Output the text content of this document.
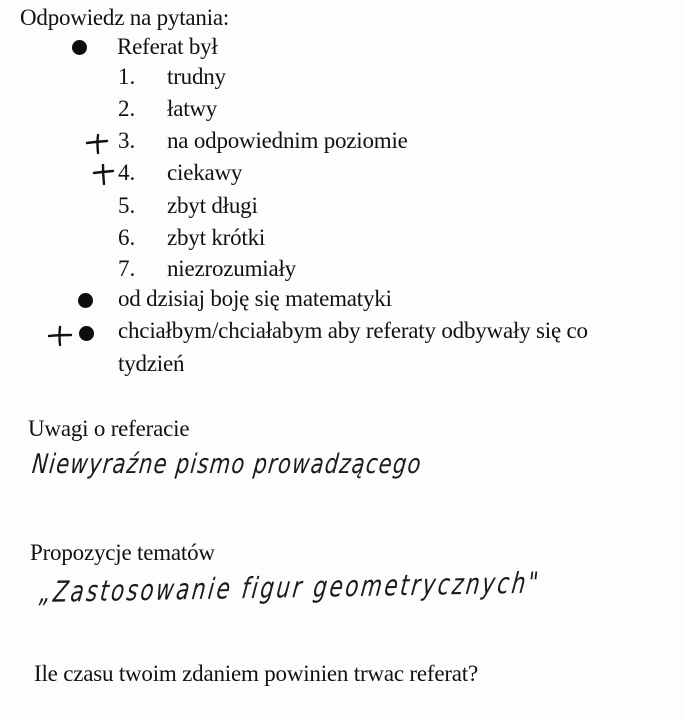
Odpowiedz na pytania:
Referat był
1. trudny
2. łatwy
3. na odpowiednim poziomie
4. ciekawy
5. zbyt długi
6. zbyt krótki
7. niezrozumiały
od dzisiaj boję się matematyki
chciałbym/chciałabym aby referaty odbywały się co
tydzień
Uwagi o referacie
Niewyraźne pismo prowadzącego
Propozycje tematów
„Zastosowanie figur geometrycznych"
Ile czasu twoim zdaniem powinien trwac referat?
